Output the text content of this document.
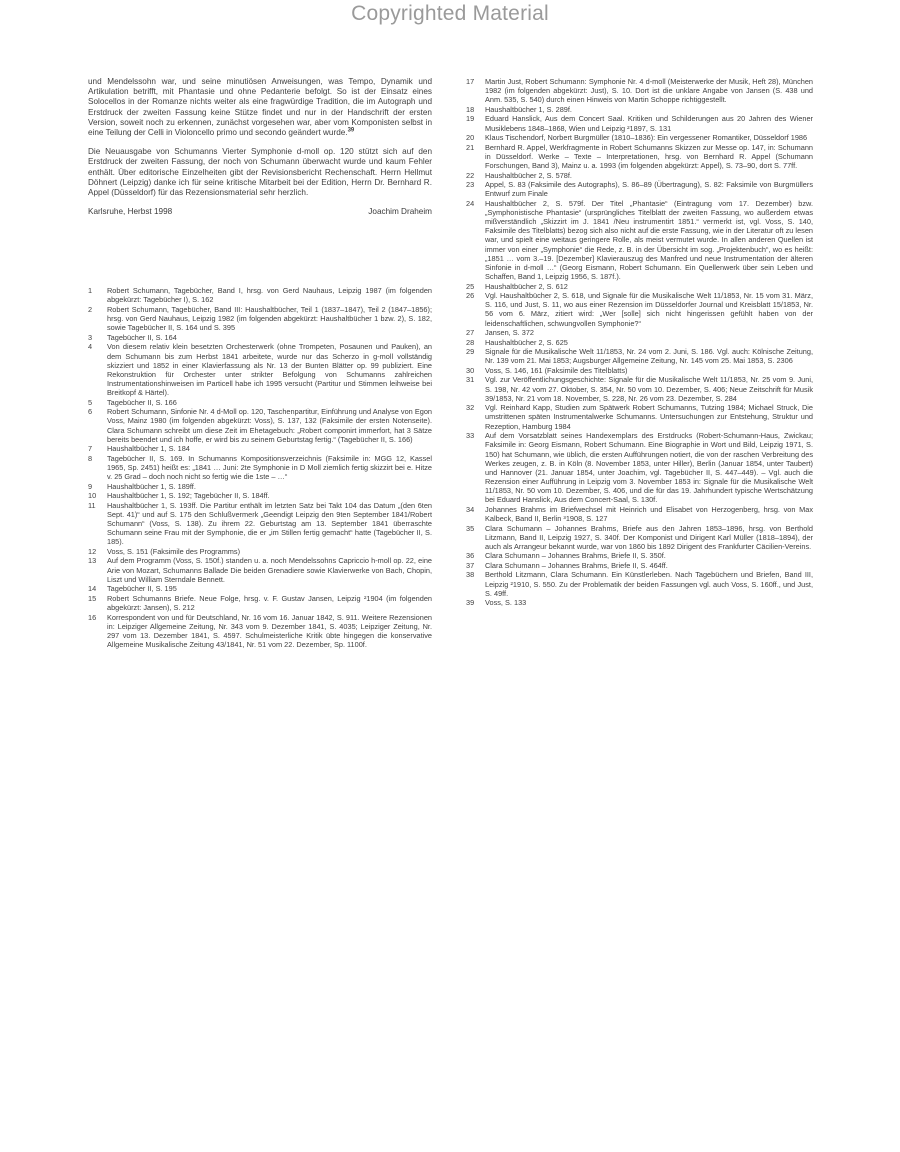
Copyrighted Material

und Mendelssohn war, und seine minutiösen Anweisungen, was Tempo, Dynamik und Artikulation betrifft, mit Phantasie und ohne Pedanterie befolgt. So ist der Einsatz eines Solocellos in der Romanze nichts weiter als eine fragwürdige Tradition, die im Autograph und Erstdruck der zweiten Fassung keine Stütze findet und nur in der Handschrift der ersten Version, soweit noch zu erkennen, zunächst vorgesehen war, aber vom Komponisten selbst in eine Teilung der Celli in Violoncello primo und secondo geändert wurde.$^{39}$

Die Neuausgabe von Schumanns Vierter Symphonie d-moll op. 120 stützt sich auf den Erstdruck der zweiten Fassung, der noch von Schumann überwacht wurde und kaum Fehler enthält. Über editorische Einzelheiten gibt der Revisionsbericht Rechenschaft. Herrn Hellmut Döhnert (Leipzig) danke ich für seine kritische Mitarbeit bei der Edition, Herrn Dr. Bernhard R. Appel (Düsseldorf) für das Rezensionsmaterial sehr herzlich.

Karlsruhe, Herbst 1998	Joachim Draheim
1	Robert Schumann, Tagebücher, Band I, hrsg. von Gerd Nauhaus, Leipzig 1987 (im folgenden abgekürzt: Tagebücher I), S. 162
2	Robert Schumann, Tagebücher, Band III: Haushaltbücher, Teil 1 (1837–1847), Teil 2 (1847–1856); hrsg. von Gerd Nauhaus, Leipzig 1982 (im folgenden abgekürzt: Haushaltbücher 1 bzw. 2), S. 182, sowie Tagebücher II, S. 164 und S. 395
3	Tagebücher II, S. 164
4	Von diesem relativ klein besetzten Orchesterwerk (ohne Trompeten, Posaunen und Pauken), an dem Schumann bis zum Herbst 1841 arbeitete, wurde nur das Scherzo in g-moll vollständig skizziert und 1852 in einer Klavierfassung als Nr. 13 der Bunten Blätter op. 99 publiziert. Eine Rekonstruktion für Orchester unter strikter Befolgung von Schumanns zahlreichen Instrumentationshinweisen im Particell habe ich 1995 versucht (Partitur und Stimmen leihweise bei Breitkopf & Härtel).
5	Tagebücher II, S. 166
6	Robert Schumann, Sinfonie Nr. 4 d-Moll op. 120, Taschenpartitur, Einführung und Analyse von Egon Voss, Mainz 1980 (im folgenden abgekürzt: Voss), S. 137, 132 (Faksimile der ersten Notenseite). Clara Schumann schreibt um diese Zeit im Ehetagebuch: „Robert componirt immerfort, hat 3 Sätze bereits beendet und ich hoffe, er wird bis zu seinem Geburtstag fertig.“ (Tagebücher II, S. 166)
7	Haushaltbücher 1, S. 184
8	Tagebücher II, S. 169. In Schumanns Kompositionsverzeichnis (Faksimile in: MGG 12, Kassel 1965, Sp. 2451) heißt es: „1841 … Juni: 2te Symphonie in D Moll ziemlich fertig skizzirt bei e. Hitze v. 25 Grad – doch noch nicht so fertig wie die 1ste – …“
9	Haushaltbücher 1, S. 189ff.
10	Haushaltbücher 1, S. 192; Tagebücher II, S. 184ff.
11	Haushaltbücher 1, S. 193ff. Die Partitur enthält im letzten Satz bei Takt 104 das Datum „(den 6ten Sept. 41)“ und auf S. 175 den Schlußvermerk „Geendigt Leipzig den 9ten September 1841/Robert Schumann“ (Voss, S. 138). Zu ihrem 22. Geburtstag am 13. September 1841 überraschte Schumann seine Frau mit der Symphonie, die er „im Stillen fertig gemacht“ hatte (Tagebücher II, S. 185).
12	Voss, S. 151 (Faksimile des Programms)
13	Auf dem Programm (Voss, S. 150f.) standen u. a. noch Mendelssohns Capriccio h-moll op. 22, eine Arie von Mozart, Schumanns Ballade Die beiden Grenadiere sowie Klavierwerke von Bach, Chopin, Liszt und William Sterndale Bennett.
14	Tagebücher II, S. 195
15	Robert Schumanns Briefe. Neue Folge, hrsg. v. F. Gustav Jansen, Leipzig ²1904 (im folgenden abgekürzt: Jansen), S. 212
16	Korrespondent von und für Deutschland, Nr. 16 vom 16. Januar 1842, S. 911. Weitere Rezensionen in: Leipziger Allgemeine Zeitung, Nr. 343 vom 9. Dezember 1841, S. 4035; Leipziger Zeitung, Nr. 297 vom 13. Dezember 1841, S. 4597. Schulmeisterliche Kritik übte hingegen die konservative Allgemeine Musikalische Zeitung 43/1841, Nr. 51 vom 22. Dezember, Sp. 1100f.
17	Martin Just, Robert Schumann: Symphonie Nr. 4 d-moll (Meisterwerke der Musik, Heft 28), München 1982 (im folgenden abgekürzt: Just), S. 10. Dort ist die unklare Angabe von Jansen (S. 438 und Anm. 535, S. 540) durch einen Hinweis von Martin Schoppe richtiggestellt.
18	Haushaltbücher 1, S. 289f.
19	Eduard Hanslick, Aus dem Concert Saal. Kritiken und Schilderungen aus 20 Jahren des Wiener Musiklebens 1848–1868, Wien und Leipzig ²1897, S. 131
20	Klaus Tischendorf, Norbert Burgmüller (1810–1836): Ein vergessener Romantiker, Düsseldorf 1986
21	Bernhard R. Appel, Werkfragmente in Robert Schumanns Skizzen zur Messe op. 147, in: Schumann in Düsseldorf. Werke – Texte – Interpretationen, hrsg. von Bernhard R. Appel (Schumann Forschungen, Band 3), Mainz u. a. 1993 (im folgenden abgekürzt: Appel), S. 73–90, dort S. 77ff.
22	Haushaltbücher 2, S. 578f.
23	Appel, S. 83 (Faksimile des Autographs), S. 86–89 (Übertragung), S. 82: Faksimile von Burgmüllers Entwurf zum Finale
24	Haushaltbücher 2, S. 579f. Der Titel „Phantasie“ (Eintragung vom 17. Dezember) bzw. „Symphonistische Phantasie“ (ursprüngliches Titelblatt der zweiten Fassung, wo außerdem etwas mißverständlich „Skizzirt im J. 1841 /Neu instrumentirt 1851.“ vermerkt ist, vgl. Voss, S. 140, Faksimile des Titelblatts) bezog sich also nicht auf die erste Fassung, wie in der Literatur oft zu lesen war, und spielt eine weitaus geringere Rolle, als meist vermutet wurde. In allen anderen Quellen ist immer von einer „Symphonie“ die Rede, z. B. in der Übersicht im sog. „Projektenbuch“, wo es heißt: „1851 … vom 3.–19. [Dezember] Klavierauszug des Manfred und neue Instrumentation der älteren Sinfonie in d-moll …“ (Georg Eismann, Robert Schumann. Ein Quellenwerk über sein Leben und Schaffen, Band 1, Leipzig 1956, S. 187f.).
25	Haushaltbücher 2, S. 612
26	Vgl. Haushaltbücher 2, S. 618, und Signale für die Musikalische Welt 11/1853, Nr. 15 vom 31. März, S. 116, und Just, S. 11, wo aus einer Rezension im Düsseldorfer Journal und Kreisblatt 15/1853, Nr. 56 vom 6. März, zitiert wird: „Wer [solle] sich nicht hingerissen gefühlt haben von der leidenschaftlichen, schwungvollen Symphonie?“
27	Jansen, S. 372
28	Haushaltbücher 2, S. 625
29	Signale für die Musikalische Welt 11/1853, Nr. 24 vom 2. Juni, S. 186. Vgl. auch: Kölnische Zeitung, Nr. 139 vom 21. Mai 1853; Augsburger Allgemeine Zeitung, Nr. 145 vom 25. Mai 1853, S. 2306
30	Voss, S. 146, 161 (Faksimile des Titelblatts)
31	Vgl. zur Veröffentlichungsgeschichte: Signale für die Musikalische Welt 11/1853, Nr. 25 vom 9. Juni, S. 198, Nr. 42 vom 27. Oktober, S. 354, Nr. 50 vom 10. Dezember, S. 406; Neue Zeitschrift für Musik 39/1853, Nr. 21 vom 18. November, S. 228, Nr. 26 vom 23. Dezember, S. 284
32	Vgl. Reinhard Kapp, Studien zum Spätwerk Robert Schumanns, Tutzing 1984; Michael Struck, Die umstrittenen späten Instrumentalwerke Schumanns. Untersuchungen zur Entstehung, Struktur und Rezeption, Hamburg 1984
33	Auf dem Vorsatzblatt seines Handexemplars des Erstdrucks (Robert-Schumann-Haus, Zwickau; Faksimile in: Georg Eismann, Robert Schumann. Eine Biographie in Wort und Bild, Leipzig 1971, S. 150) hat Schumann, wie üblich, die ersten Aufführungen notiert, die von der raschen Verbreitung des Werkes zeugen, z. B. in Köln (8. November 1853, unter Hiller), Berlin (Januar 1854, unter Taubert) und Hannover (21. Januar 1854, unter Joachim, vgl. Tagebücher II, S. 447–449). – Vgl. auch die Rezension einer Aufführung in Leipzig vom 3. November 1853 in: Signale für die Musikalische Welt 11/1853, Nr. 50 vom 10. Dezember, S. 406, und die für das 19. Jahrhundert typische Wertschätzung bei Eduard Hanslick, Aus dem Concert-Saal, S. 130f.
34	Johannes Brahms im Briefwechsel mit Heinrich und Elisabet von Herzogenberg, hrsg. von Max Kalbeck, Band II, Berlin ³1908, S. 127
35	Clara Schumann – Johannes Brahms, Briefe aus den Jahren 1853–1896, hrsg. von Berthold Litzmann, Band II, Leipzig 1927, S. 340f. Der Komponist und Dirigent Karl Müller (1818–1894), der auch als Arrangeur bekannt wurde, war von 1860 bis 1892 Dirigent des Frankfurter Cäcilien-Vereins.
36	Clara Schumann – Johannes Brahms, Briefe II, S. 350f.
37	Clara Schumann – Johannes Brahms, Briefe II, S. 464ff.
38	Berthold Litzmann, Clara Schumann. Ein Künstlerleben. Nach Tagebüchern und Briefen, Band III, Leipzig ²1910, S. 550. Zu der Problematik der beiden Fassungen vgl. auch Voss, S. 160ff., und Just, S. 49ff.
39	Voss, S. 133
